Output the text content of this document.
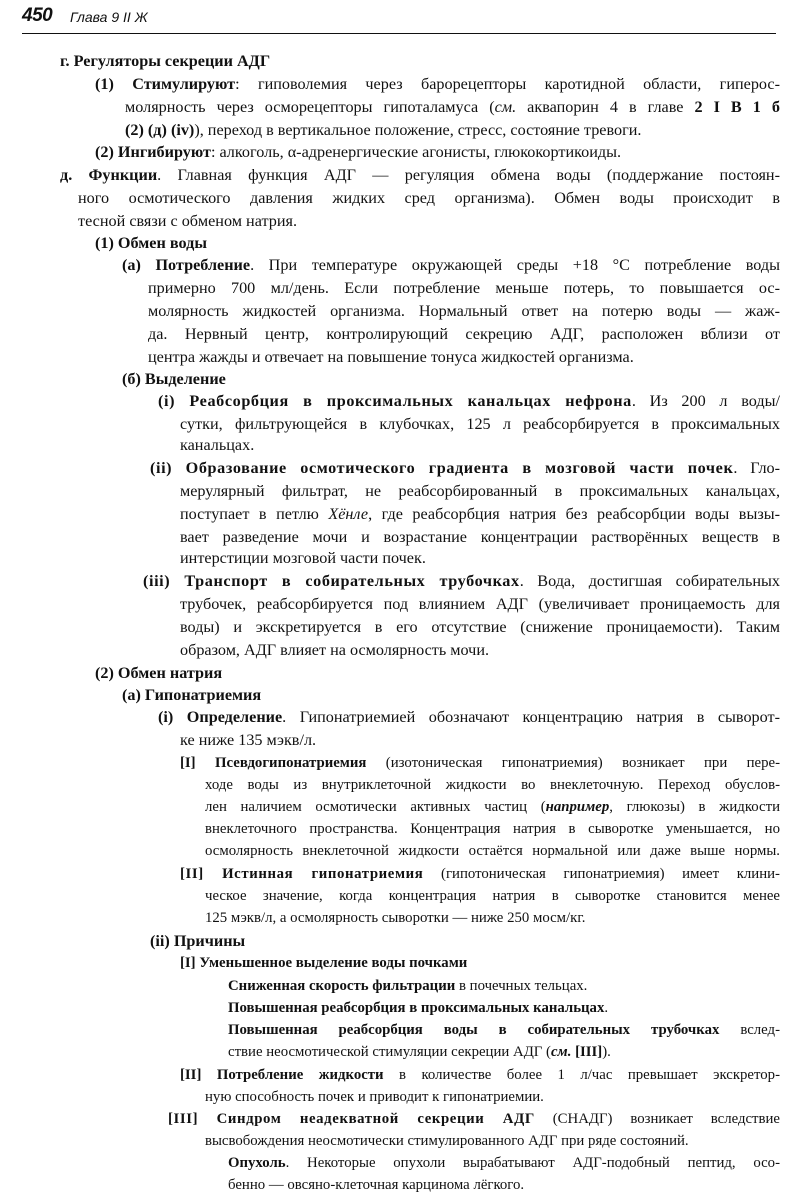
450 Глава 9 II Ж
г. Регуляторы секреции АДГ
(1) Стимулируют: гиповолемия через барорецепторы каротидной области, гиперос-
молярность через осморецепторы гипоталамуса (см. аквапорин 4 в главе 2 I B 1 б
(2) (д) (iv)), переход в вертикальное положение, стресс, состояние тревоги.
(2) Ингибируют: алкоголь, α-адренергические агонисты, глюкокортикоиды.
д. Функции. Главная функция АДГ — регуляция обмена воды (поддержание постоян-
ного осмотического давления жидких сред организма). Обмен воды происходит в
тесной связи с обменом натрия.
(1) Обмен воды
(а) Потребление. При температуре окружающей среды +18 °С потребление воды
примерно 700 мл/день. Если потребление меньше потерь, то повышается ос-
молярность жидкостей организма. Нормальный ответ на потерю воды — жаж-
да. Нервный центр, контролирующий секрецию АДГ, расположен вблизи от
центра жажды и отвечает на повышение тонуса жидкостей организма.
(б) Выделение
(i) Реабсорбция в проксимальных канальцах нефрона. Из 200 л воды/
сутки, фильтрующейся в клубочках, 125 л реабсорбируется в проксимальных
канальцах.
(ii) Образование осмотического градиента в мозговой части почек. Гло-
мерулярный фильтрат, не реабсорбированный в проксимальных канальцах,
поступает в петлю Хёнле, где реабсорбция натрия без реабсорбции воды вызы-
вает разведение мочи и возрастание концентрации растворённых веществ в
интерстиции мозговой части почек.
(iii) Транспорт в собирательных трубочках. Вода, достигшая собирательных
трубочек, реабсорбируется под влиянием АДГ (увеличивает проницаемость для
воды) и экскретируется в его отсутствие (снижение проницаемости). Таким
образом, АДГ влияет на осмолярность мочи.
(2) Обмен натрия
(а) Гипонатриемия
(i) Определение. Гипонатриемией обозначают концентрацию натрия в сыворот-
ке ниже 135 мэкв/л.
[I] Псевдогипонатриемия (изотоническая гипонатриемия) возникает при пере-
ходе воды из внутриклеточной жидкости во внеклеточную. Переход обуслов-
лен наличием осмотически активных частиц (например, глюкозы) в жидкости
внеклеточного пространства. Концентрация натрия в сыворотке уменьшается, но
осмолярность внеклеточной жидкости остаётся нормальной или даже выше нормы.
[II] Истинная гипонатриемия (гипотоническая гипонатриемия) имеет клини-
ческое значение, когда концентрация натрия в сыворотке становится менее
125 мэкв/л, а осмолярность сыворотки — ниже 250 мосм/кг.
(ii) Причины
[I] Уменьшенное выделение воды почками
Сниженная скорость фильтрации в почечных тельцах.
Повышенная реабсорбция в проксимальных канальцах.
Повышенная реабсорбция воды в собирательных трубочках вслед-
ствие неосмотической стимуляции секреции АДГ (см. [III]).
[II] Потребление жидкости в количестве более 1 л/час превышает экскретор-
ную способность почек и приводит к гипонатриемии.
[III] Синдром неадекватной секреции АДГ (СНАДГ) возникает вследствие
высвобождения неосмотически стимулированного АДГ при ряде состояний.
Опухоль. Некоторые опухоли вырабатывают АДГ-подобный пептид, осо-
бенно — овсяно-клеточная карцинома лёгкого.
